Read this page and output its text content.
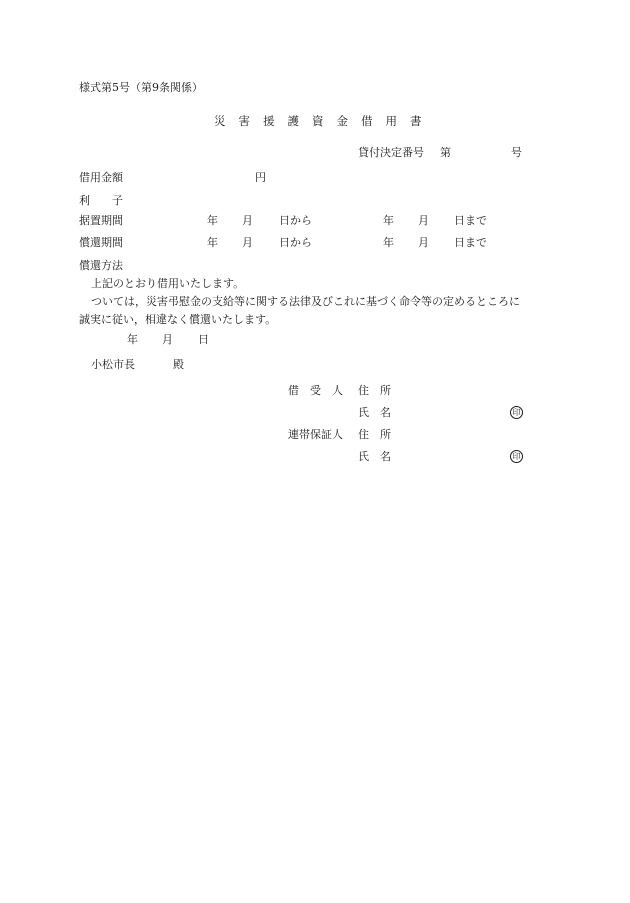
様式第5号（第9条関係）
災害援護資金借用書
貸付決定番号 第	号
借用金額	円
利　　子
据置期間	年 月 日から	年 月 日まで
償還期間	年 月 日から	年 月 日まで
償還方法
上記のとおり借用いたします。
ついては，災害弔慰金の支給等に関する法律及びこれに基づく命令等の定めるところに
誠実に従い，相違なく償還いたします。
年 月 日
小松市長	殿
借　受　人 住　所
氏　名	印
連帯保証人 住　所
氏　名	印
